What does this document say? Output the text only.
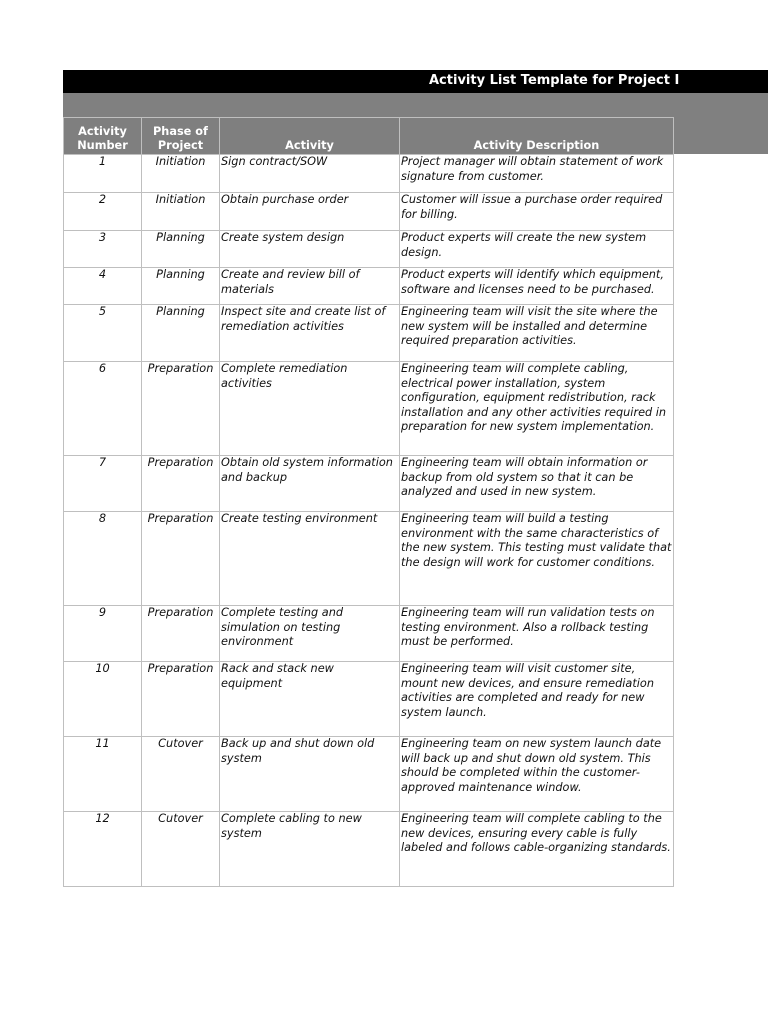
Activity List Template for Project I
Activity Number	Phase of Project	Activity	Activity Description
1	Initiation	Sign contract/SOW	Project manager will obtain statement of work signature from customer.
2	Initiation	Obtain purchase order	Customer will issue a purchase order required for billing.
3	Planning	Create system design	Product experts will create the new system design.
4	Planning	Create and review bill of materials	Product experts will identify which equipment, software and licenses need to be purchased.
5	Planning	Inspect site and create list of remediation activities	Engineering team will visit the site where the new system will be installed and determine required preparation activities.
6	Preparation	Complete remediation activities	Engineering team will complete cabling, electrical power installation, system configuration, equipment redistribution, rack installation and any other activities required in preparation for new system implementation.
7	Preparation	Obtain old system information and backup	Engineering team will obtain information or backup from old system so that it can be analyzed and used in new system.
8	Preparation	Create testing environment	Engineering team will build a testing environment with the same characteristics of the new system. This testing must validate that the design will work for customer conditions.
9	Preparation	Complete testing and simulation on testing environment	Engineering team will run validation tests on testing environment. Also a rollback testing must be performed.
10	Preparation	Rack and stack new equipment	Engineering team will visit customer site, mount new devices, and ensure remediation activities are completed and ready for new system launch.
11	Cutover	Back up and shut down old system	Engineering team on new system launch date will back up and shut down old system. This should be completed within the customer-approved maintenance window.
12	Cutover	Complete cabling to new system	Engineering team will complete cabling to the new devices, ensuring every cable is fully labeled and follows cable-organizing standards.
